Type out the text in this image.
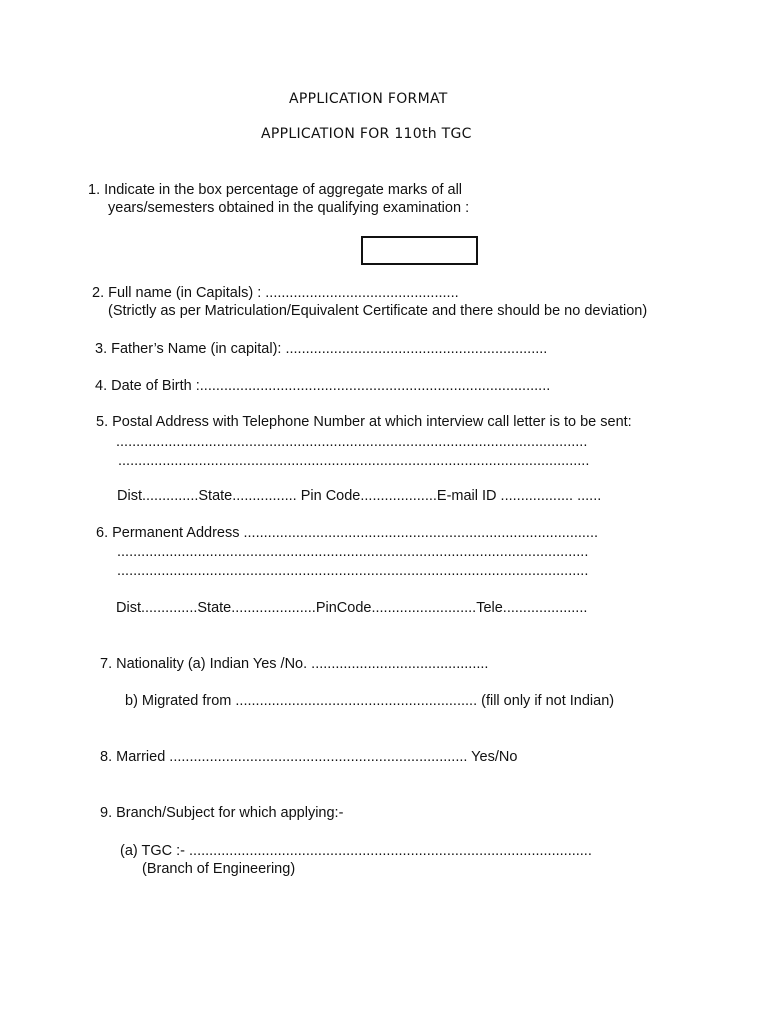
APPLICATION FORMAT
APPLICATION FOR 110th TGC
1. Indicate in the box percentage of aggregate marks of all
years/semesters obtained in the qualifying examination :
2. Full name (in Capitals) : ................................................
(Strictly as per Matriculation/Equivalent Certificate and there should be no deviation)
3. Father’s Name (in capital): .................................................................
4. Date of Birth :.......................................................................................
5. Postal Address with Telephone Number at which interview call letter is to be sent:
.....................................................................................................................
.....................................................................................................................
Dist..............State................ Pin Code...................E-mail ID .................. ......
6. Permanent Address ........................................................................................
.....................................................................................................................
.....................................................................................................................
Dist..............State.....................PinCode..........................Tele.....................
7. Nationality (a) Indian Yes /No. ............................................
b) Migrated from ............................................................ (fill only if not Indian)
8. Married .......................................................................... Yes/No
9. Branch/Subject for which applying:-
(a) TGC :- ....................................................................................................
(Branch of Engineering)
